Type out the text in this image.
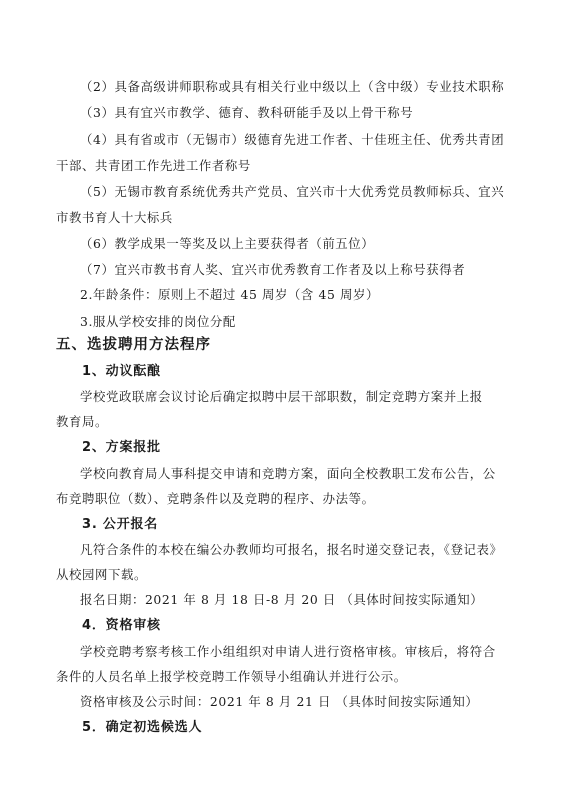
（2）具备高级讲师职称或具有相关行业中级以上（含中级）专业技术职称

（3）具有宜兴市教学、德育、教科研能手及以上骨干称号

（4）具有省或市（无锡市）级德育先进工作者、十佳班主任、优秀共青团

干部、共青团工作先进工作者称号

（5）无锡市教育系统优秀共产党员、宜兴市十大优秀党员教师标兵、宜兴

市教书育人十大标兵

（6）教学成果一等奖及以上主要获得者（前五位）

（7）宜兴市教书育人奖、宜兴市优秀教育工作者及以上称号获得者

2.年龄条件：原则上不超过 45 周岁（含 45 周岁）

3.服从学校安排的岗位分配

五、选拔聘用方法程序

1、动议酝酿

学校党政联席会议讨论后确定拟聘中层干部职数，制定竞聘方案并上报

教育局。

2、方案报批

学校向教育局人事科提交申请和竞聘方案，面向全校教职工发布公告，公

布竞聘职位（数）、竞聘条件以及竞聘的程序、办法等。

3. 公开报名

凡符合条件的本校在编公办教师均可报名，报名时递交登记表，《登记表》

从校园网下载。

报名日期：2021 年 8 月 18 日-8 月 20 日 （具体时间按实际通知）

4．资格审核

学校竞聘考察考核工作小组组织对申请人进行资格审核。审核后，将符合

条件的人员名单上报学校竞聘工作领导小组确认并进行公示。

资格审核及公示时间：2021 年 8 月 21 日 （具体时间按实际通知）

5．确定初选候选人
